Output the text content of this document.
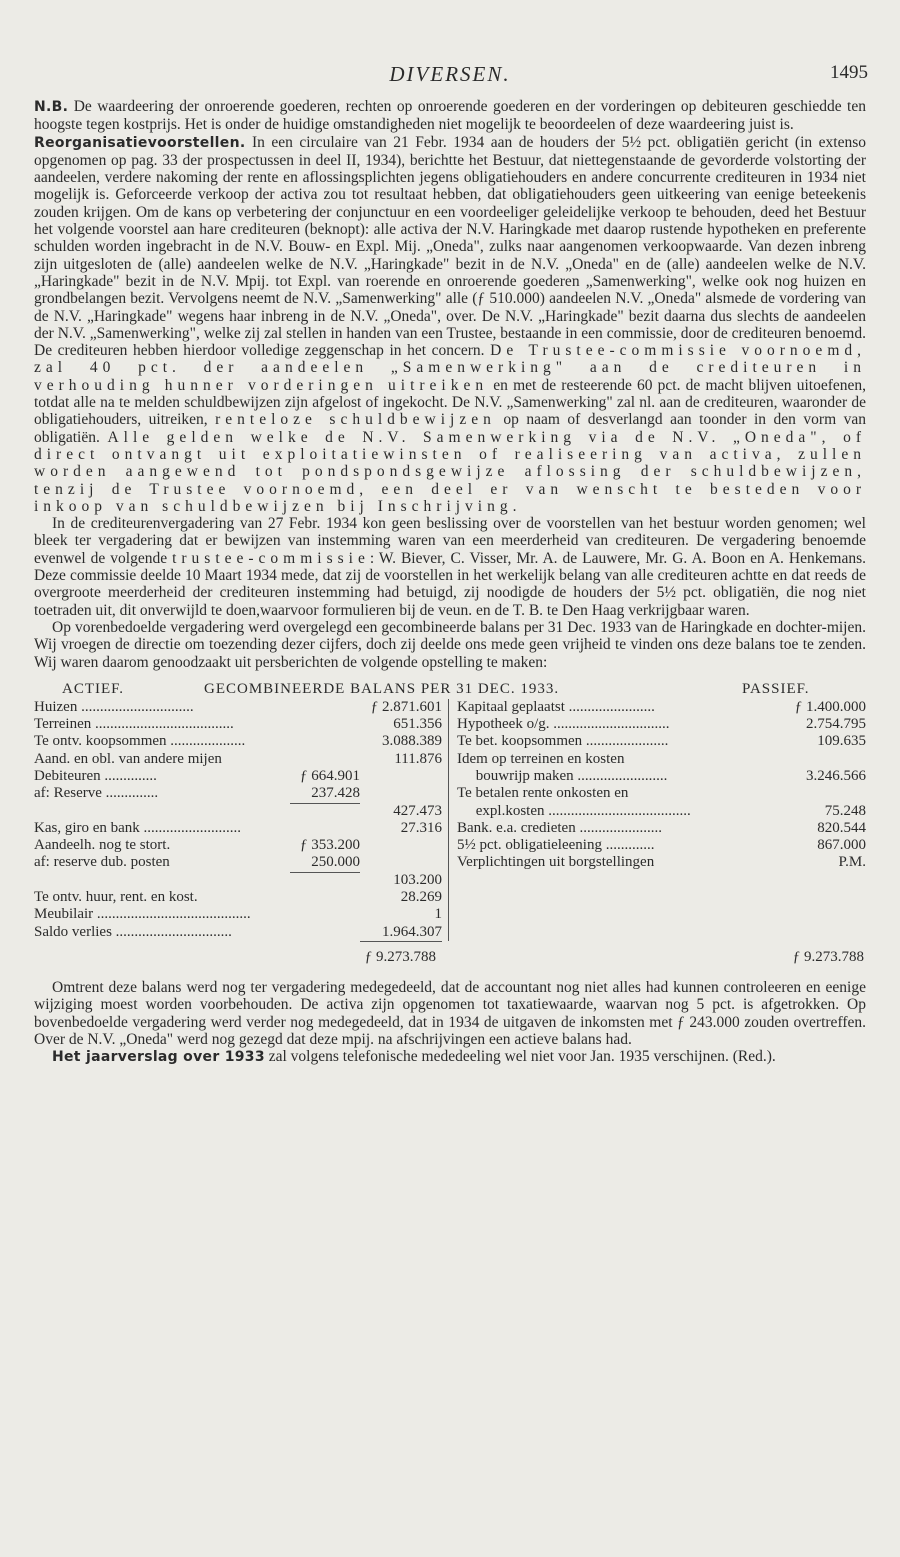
DIVERSEN.	1495

N.B. De waardeering der onroerende goederen, rechten op onroerende goederen en der vorderingen op debiteuren geschiedde ten hoogste tegen kostprijs. Het is onder de huidige omstandigheden niet mogelijk te beoordeelen of deze waardeering juist is.

Reorganisatievoorstellen. In een circulaire van 21 Febr. 1934 aan de houders der 5½ pct. obligatiën gericht (in extenso opgenomen op pag. 33 der prospectussen in deel II, 1934), berichtte het Bestuur, dat niettegenstaande de gevorderde volstorting der aandeelen, verdere nakoming der rente en aflossingsplichten jegens obligatiehouders en andere concurrente crediteuren in 1934 niet mogelijk is. Geforceerde verkoop der activa zou tot resultaat hebben, dat obligatiehouders geen uitkeering van eenige beteekenis zouden krijgen. Om de kans op verbetering der conjunctuur en een voordeeliger geleidelijke verkoop te behouden, deed het Bestuur het volgende voorstel aan hare crediteuren (beknopt): alle activa der N.V. Haringkade met daarop rustende hypotheken en preferente schulden worden ingebracht in de N.V. Bouw- en Expl. Mij. „Oneda", zulks naar aangenomen verkoopwaarde. Van dezen inbreng zijn uitgesloten de (alle) aandeelen welke de N.V. „Haringkade" bezit in de N.V. „Oneda" en de (alle) aandeelen welke de N.V. „Haringkade" bezit in de N.V. Mpij. tot Expl. van roerende en onroerende goederen „Samenwerking", welke ook nog huizen en grondbelangen bezit. Vervolgens neemt de N.V. „Samenwerking" alle (ƒ 510.000) aandeelen N.V. „Oneda" alsmede de vordering van de N.V. „Haringkade" wegens haar inbreng in de N.V. „Oneda", over. De N.V. „Haringkade" bezit daarna dus slechts de aandeelen der N.V. „Samenwerking", welke zij zal stellen in handen van een Trustee, bestaande in een commissie, door de crediteuren benoemd. De crediteuren hebben hierdoor volledige zeggenschap in het concern. De Trustee-commissie voornoemd, zal 40 pct. der aandeelen „Samenwerking" aan de crediteuren in verhouding hunner vorderingen uitreiken en met de resteerende 60 pct. de macht blijven uitoefenen, totdat alle na te melden schuldbewijzen zijn afgelost of ingekocht. De N.V. „Samenwerking" zal nl. aan de crediteuren, waaronder de obligatiehouders, uitreiken, renteloze schuldbewijzen op naam of desverlangd aan toonder in den vorm van obligatiën. Alle gelden welke de N.V. Samenwerking via de N.V. „Oneda", of direct ontvangt uit exploitatiewinsten of realiseering van activa, zullen worden aangewend tot pondspondsgewijze aflossing der schuldbewijzen, tenzij de Trustee voornoemd, een deel er van wenscht te besteden voor inkoop van schuldbewijzen bij Inschrijving.

In de crediteurenvergadering van 27 Febr. 1934 kon geen beslissing over de voorstellen van het bestuur worden genomen; wel bleek ter vergadering dat er bewijzen van instemming waren van een meerderheid van crediteuren. De vergadering benoemde evenwel de volgende trustee-commissie: W. Biever, C. Visser, Mr. A. de Lauwere, Mr. G. A. Boon en A. Henkemans. Deze commissie deelde 10 Maart 1934 mede, dat zij de voorstellen in het werkelijk belang van alle crediteuren achtte en dat reeds de overgroote meerderheid der crediteuren instemming had betuigd, zij noodigde de houders der 5½ pct. obligatiën, die nog niet toetraden uit, dit onverwijld te doen,waarvoor formulieren bij de veun. en de T. B. te Den Haag verkrijgbaar waren.

Op vorenbedoelde vergadering werd overgelegd een gecombineerde balans per 31 Dec. 1933 van de Haringkade en dochter-mijen. Wij vroegen de directie om toezending dezer cijfers, doch zij deelde ons mede geen vrijheid te vinden ons deze balans toe te zenden. Wij waren daarom genoodzaakt uit persberichten de volgende opstelling te maken:

ACTIEF.	GECOMBINEERDE BALANS PER 31 DEC. 1933.	PASSIEF.
Huizen ..............................	ƒ 2.871.601
Terreinen .....................................	651.356
Te ontv. koopsommen ....................	3.088.389
Aand. en obl. van andere mijen	111.876
Debiteuren ..............	ƒ 664.901
af: Reserve ..............	237.428
427.473
Kas, giro en bank ..........................	27.316
Aandeelh. nog te stort.	ƒ 353.200
af: reserve dub. posten	250.000
103.200
Te ontv. huur, rent. en kost.	28.269
Meubilair .........................................	1
Saldo verlies ...............................	1.964.307
Kapitaal geplaatst .......................	ƒ 1.400.000
Hypotheek o/g. ...............................	2.754.795
Te bet. koopsommen ......................	109.635
Idem op terreinen en kosten
bouwrijp maken ........................	3.246.566
Te betalen rente onkosten en
expl.kosten ......................................	75.248
Bank. e.a. credieten ......................	820.544
5½ pct. obligatieleening .............	867.000
Verplichtingen uit borgstellingen	P.M.
ƒ 9.273.788	ƒ 9.273.788

Omtrent deze balans werd nog ter vergadering medegedeeld, dat de accountant nog niet alles had kunnen controleeren en eenige wijziging moest worden voorbehouden. De activa zijn opgenomen tot taxatiewaarde, waarvan nog 5 pct. is afgetrokken. Op bovenbedoelde vergadering werd verder nog medegedeeld, dat in 1934 de uitgaven de inkomsten met ƒ 243.000 zouden overtreffen. Over de N.V. „Oneda" werd nog gezegd dat deze mpij. na afschrijvingen een actieve balans had.

Het jaarverslag over 1933 zal volgens telefonische mededeeling wel niet voor Jan. 1935 verschijnen. (Red.).
